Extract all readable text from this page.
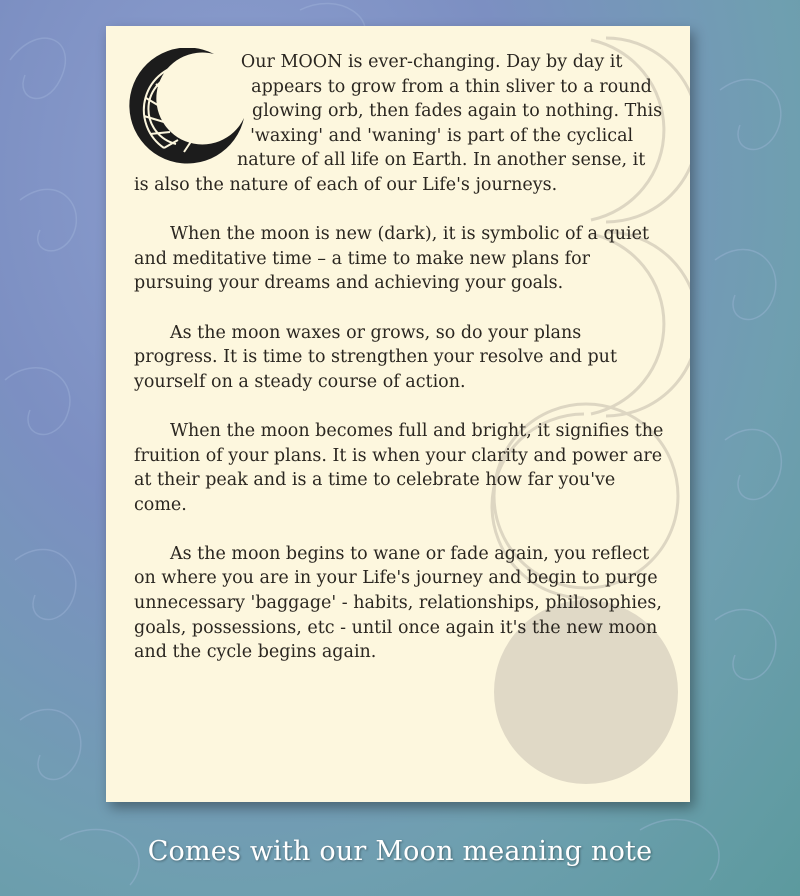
Our MOON is ever-changing. Day by day it appears to grow from a thin sliver to a round glowing orb, then fades again to nothing. This 'waxing' and 'waning' is part of the cyclical nature of all life on Earth. In another sense, it is also the nature of each of our Life's journeys.

When the moon is new (dark), it is symbolic of a quiet and meditative time – a time to make new plans for pursuing your dreams and achieving your goals.

As the moon waxes or grows, so do your plans progress. It is time to strengthen your resolve and put yourself on a steady course of action.

When the moon becomes full and bright, it signifies the fruition of your plans. It is when your clarity and power are at their peak and is a time to celebrate how far you've come.

As the moon begins to wane or fade again, you reflect on where you are in your Life's journey and begin to purge unnecessary 'baggage' - habits, relationships, philosophies, goals, possessions, etc - until once again it's the new moon and the cycle begins again.

Comes with our Moon meaning note
